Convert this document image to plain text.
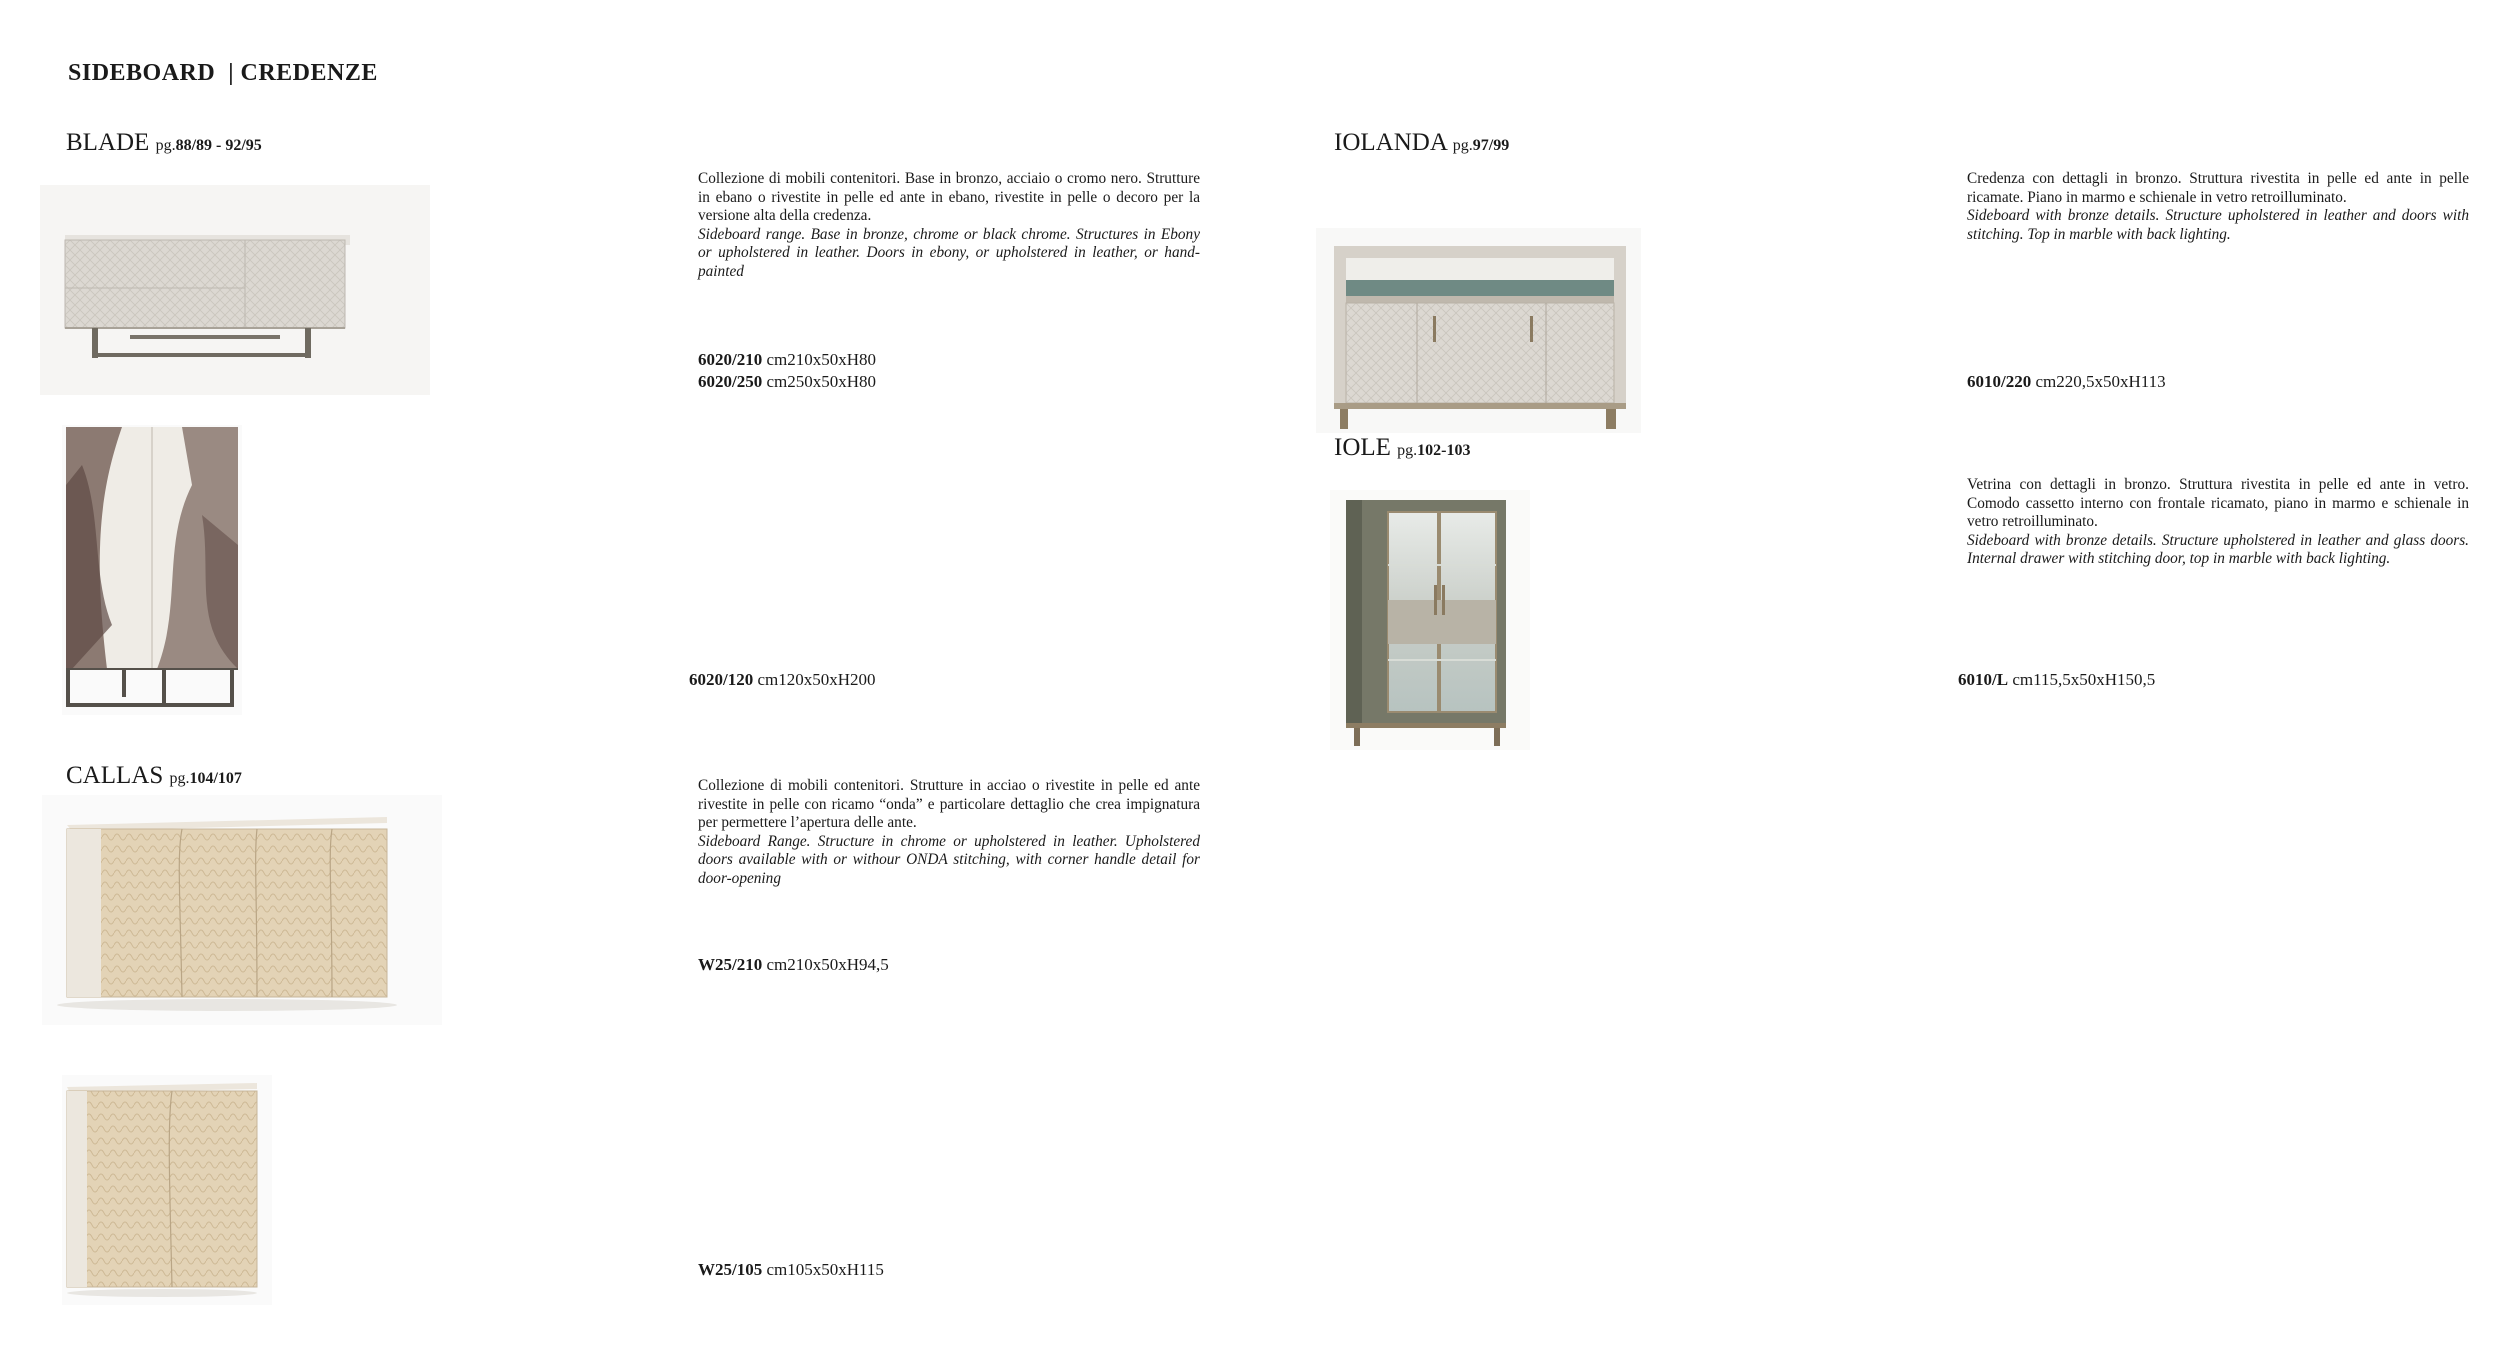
SIDEBOARD  | CREDENZE
BLADE pg.88/89 - 92/95

Collezione di mobili contenitori. Base in bronzo, acciaio o cromo nero. Strutture in ebano o rivestite in pelle ed ante in ebano, rivestite in pelle o decoro per la versione alta della credenza.

Sideboard range. Base in bronze, chrome or black chrome. Structures in Ebony or upholstered in leather. Doors in ebony, or upholstered in leather, or hand-painted

6020/210 cm210x50xH80
6020/250 cm250x50xH80
6020/120 cm120x50xH200
CALLAS pg.104/107	Collezione di mobili contenitori. Strutture in acciao o rivestite in pelle ed ante rivestite in pelle con ricamo “onda” e particolare dettaglio che crea impignatura per permettere l’apertura delle ante.

Sideboard Range. Structure in chrome or upholstered in leather. Upholstered doors available with or withour ONDA stitching, with corner handle detail for door-opening

W25/210 cm210x50xH94,5
W25/105 cm105x50xH115
IOLANDA pg.97/99

Credenza con dettagli in bronzo. Struttura rivestita in pelle ed ante in pelle ricamate. Piano in marmo e schienale in vetro retroilluminato.

Sideboard with bronze details. Structure upholstered in leather and doors with stitching. Top in marble with back lighting.

6010/220 cm220,5x50xH113
IOLE pg.102-103

Vetrina con dettagli in bronzo. Struttura rivestita in pelle ed ante in vetro. Comodo cassetto interno con frontale ricamato, piano in marmo e schienale in vetro retroilluminato.

Sideboard with bronze details. Structure upholstered in leather and glass doors. Internal drawer with stitching door, top in marble with back lighting.

6010/L cm115,5x50xH150,5
